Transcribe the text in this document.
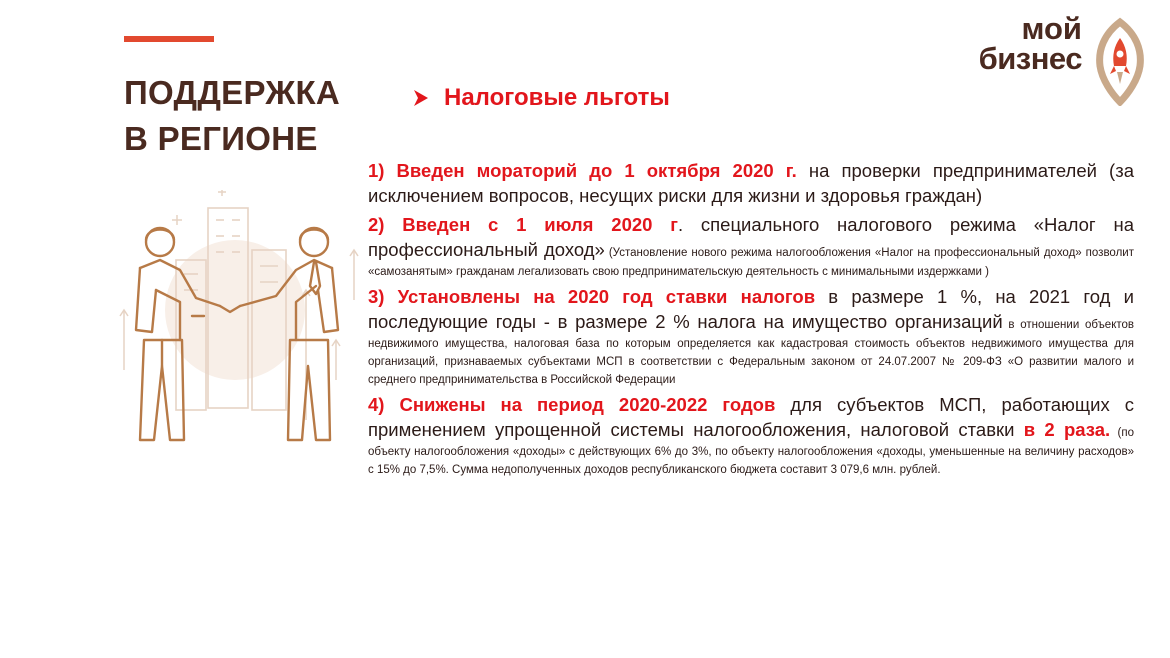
ПОДДЕРЖКА
В РЕГИОНЕ
мой
бизнес
Налоговые льготы

1) Введен мораторий до 1 октября 2020 г. на проверки предпринимателей (за исключением вопросов, несущих риски для жизни и здоровья граждан)

2) Введен с 1 июля 2020 г. специального налогового режима «Налог на профессиональный доход» (Установление нового режима налогообложения «Налог на профессиональный доход» позволит «самозанятым» гражданам легализовать свою предпринимательскую деятельность с минимальными издержками )

3) Установлены на 2020 год ставки налогов в размере 1 %, на 2021 год и последующие годы - в размере 2 % налога на имущество организаций в отношении объектов недвижимого имущества, налоговая база по которым определяется как кадастровая стоимость объектов недвижимого имущества для организаций, признаваемых субъектами МСП в соответствии с Федеральным законом от 24.07.2007 № 209-ФЗ «О развитии малого и среднего предпринимательства в Российской Федерации

4) Снижены на период 2020-2022 годов для субъектов МСП, работающих с применением упрощенной системы налогообложения, налоговой ставки в 2 раза. (по объекту налогообложения «доходы» с действующих 6% до 3%, по объекту налогообложения «доходы, уменьшенные на величину расходов» с 15% до 7,5%. Сумма недополученных доходов республиканского бюджета составит 3 079,6 млн. рублей.
